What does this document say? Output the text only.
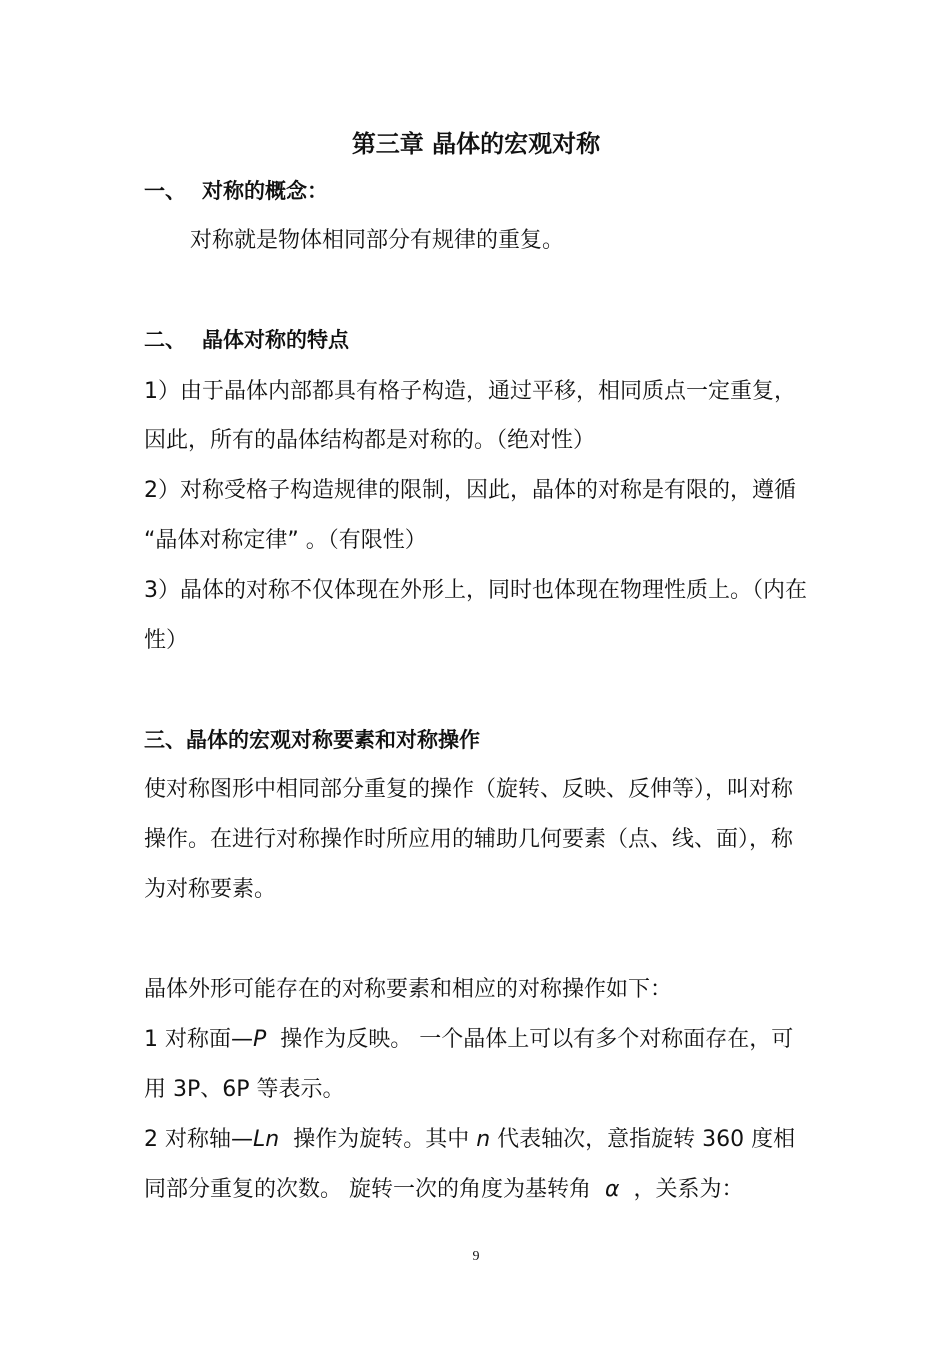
第三章 晶体的宏观对称
一、 对称的概念：
对称就是物体相同部分有规律的重复。
二、 晶体对称的特点
1）由于晶体内部都具有格子构造，通过平移，相同质点一定重复，
因此，所有的晶体结构都是对称的。（绝对性）
2）对称受格子构造规律的限制，因此，晶体的对称是有限的，遵循
“晶体对称定律” 。（有限性）
3）晶体的对称不仅体现在外形上，同时也体现在物理性质上。（内在
性）
三、晶体的宏观对称要素和对称操作
使对称图形中相同部分重复的操作（旋转、反映、反伸等），叫对称
操作。在进行对称操作时所应用的辅助几何要素（点、线、面），称
为对称要素。
晶体外形可能存在的对称要素和相应的对称操作如下：
1 对称面—P  操作为反映。 一个晶体上可以有多个对称面存在，可
用 3P、6P 等表示。
2 对称轴—Ln  操作为旋转。其中 n 代表轴次，意指旋转 360 度相
同部分重复的次数。 旋转一次的角度为基转角  α  ，关系为：
9
